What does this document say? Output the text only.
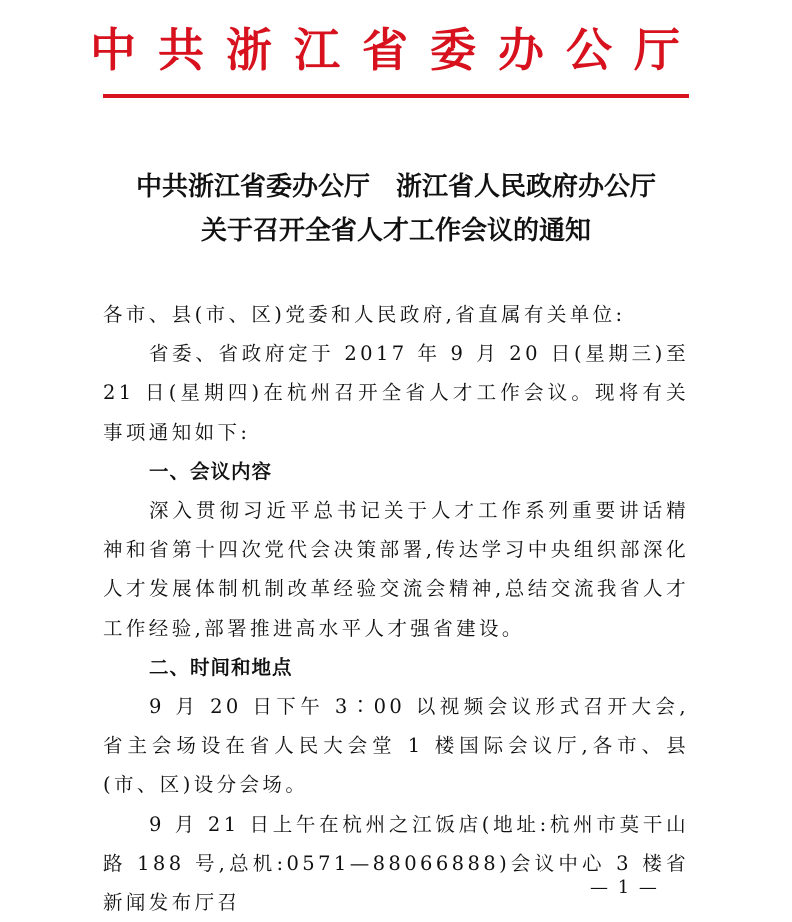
中共浙江省委办公厅
中共浙江省委办公厅 浙江省人民政府办公厅
关于召开全省人才工作会议的通知

各市、县(市、区)党委和人民政府,省直属有关单位:

省委、省政府定于 2017 年 9 月 20 日(星期三)至 21 日(星期四)在杭州召开全省人才工作会议。现将有关事项通知如下:

一、会议内容

深入贯彻习近平总书记关于人才工作系列重要讲话精神和省第十四次党代会决策部署,传达学习中央组织部深化人才发展体制机制改革经验交流会精神,总结交流我省人才工作经验,部署推进高水平人才强省建设。

二、时间和地点

9 月 20 日下午 3∶00 以视频会议形式召开大会,省主会场设在省人民大会堂 1 楼国际会议厅,各市、县(市、区)设分会场。

9 月 21 日上午在杭州之江饭店(地址:杭州市莫干山路 188 号,总机:0571—88066888)会议中心 3 楼省新闻发布厅召

— 1 —
